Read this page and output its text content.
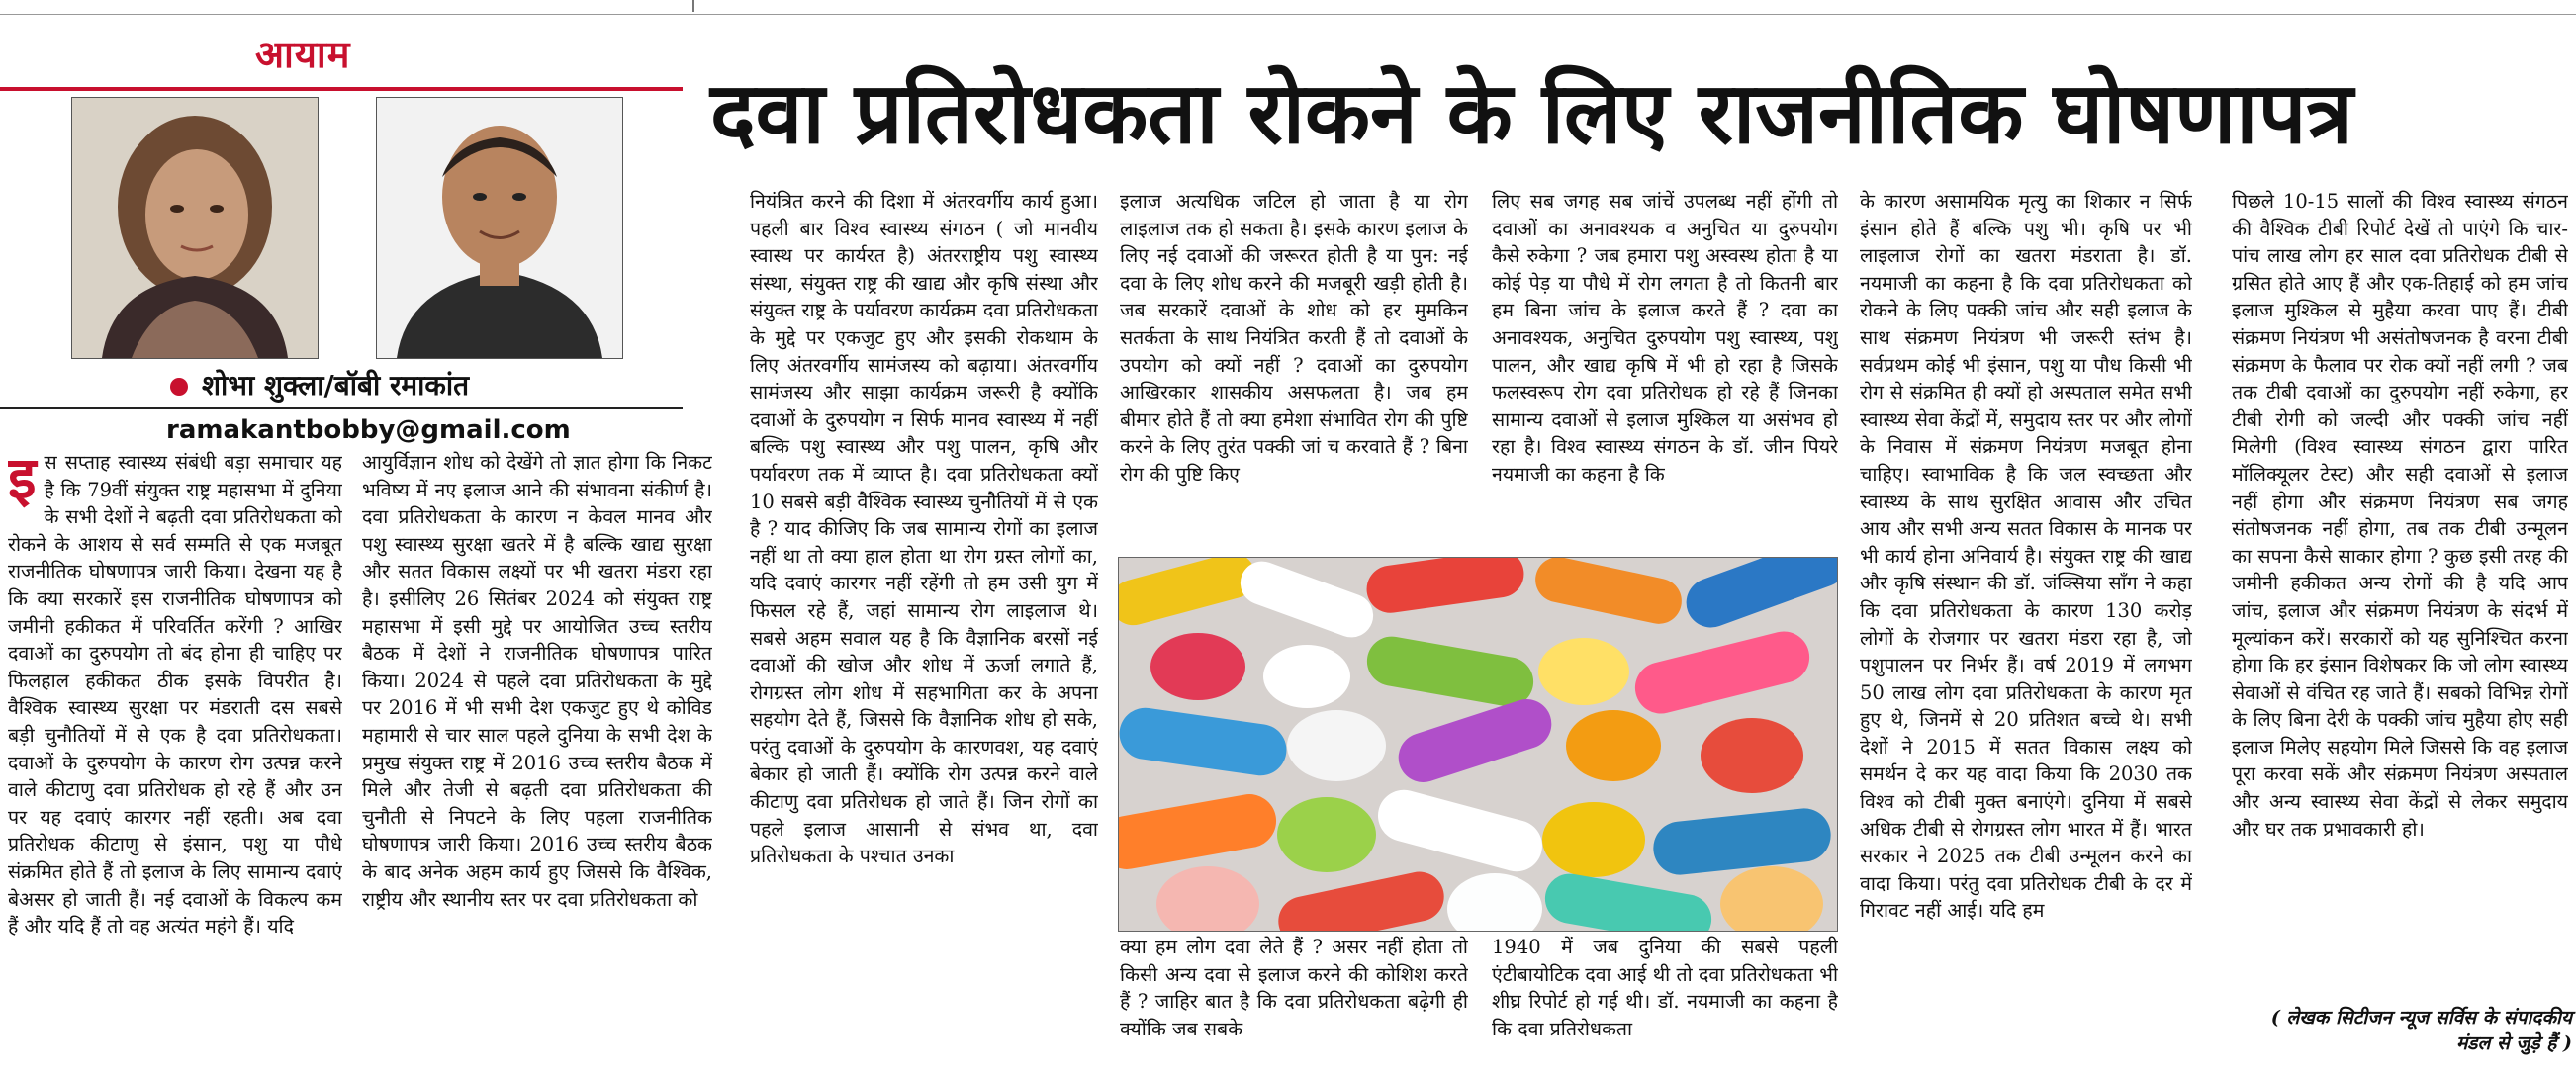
आयाम
शोभा शुक्ला/बॉबी रमाकांत
ramakantbobby@gmail.com
दवा प्रतिरोधकता रोकने के लिए राजनीतिक घोषणापत्र
इस सप्ताह स्वास्थ्य संबंधी बड़ा समाचार यह है कि 79वीं संयुक्त राष्ट्र महासभा में दुनिया के सभी देशों ने बढ़ती दवा प्रतिरोधकता को रोकने के आशय से सर्व सम्मति से एक मजबूत राजनीतिक घोषणापत्र जारी किया। देखना यह है कि क्या सरकारें इस राजनीतिक घोषणापत्र को जमीनी हकीकत में परिवर्तित करेंगी ? आखिर दवाओं का दुरुपयोग तो बंद होना ही चाहिए पर फिलहाल हकीकत ठीक इसके विपरीत है। वैश्विक स्वास्थ्य सुरक्षा पर मंडराती दस सबसे बड़ी चुनौतियों में से एक है दवा प्रतिरोधकता। दवाओं के दुरुपयोग के कारण रोग उत्पन्न करने वाले कीटाणु दवा प्रतिरोधक हो रहे हैं और उन पर यह दवाएं कारगर नहीं रहती। अब दवा प्रतिरोधक कीटाणु से इंसान, पशु या पौधे संक्रमित होते हैं तो इलाज के लिए सामान्य दवाएं बेअसर हो जाती हैं। नई दवाओं के विकल्प कम हैं और यदि हैं तो वह अत्यंत महंगे हैं। यदि
आयुर्विज्ञान शोध को देखेंगे तो ज्ञात होगा कि निकट भविष्य में नए इलाज आने की संभावना संकीर्ण है। दवा प्रतिरोधकता के कारण न केवल मानव और पशु स्वास्थ्य सुरक्षा खतरे में है बल्कि खाद्य सुरक्षा और सतत विकास लक्ष्यों पर भी खतरा मंडरा रहा है। इसीलिए 26 सितंबर 2024 को संयुक्त राष्ट्र महासभा में इसी मुद्दे पर आयोजित उच्च स्तरीय बैठक में देशों ने राजनीतिक घोषणापत्र पारित किया। 2024 से पहले दवा प्रतिरोधकता के मुद्दे पर 2016 में भी सभी देश एकजुट हुए थे कोविड महामारी से चार साल पहले दुनिया के सभी देश के प्रमुख संयुक्त राष्ट्र में 2016 उच्च स्तरीय बैठक में मिले और तेजी से बढ़ती दवा प्रतिरोधकता की चुनौती से निपटने के लिए पहला राजनीतिक घोषणापत्र जारी किया। 2016 उच्च स्तरीय बैठक के बाद अनेक अहम कार्य हुए जिससे कि वैश्विक, राष्ट्रीय और स्थानीय स्तर पर दवा प्रतिरोधकता को
नियंत्रित करने की दिशा में अंतरवर्गीय कार्य हुआ। पहली बार विश्व स्वास्थ्य संगठन ( जो मानवीय स्वास्थ पर कार्यरत है) अंतरराष्ट्रीय पशु स्वास्थ्य संस्था, संयुक्त राष्ट्र की खाद्य और कृषि संस्था और संयुक्त राष्ट्र के पर्यावरण कार्यक्रम दवा प्रतिरोधकता के मुद्दे पर एकजुट हुए और इसकी रोकथाम के लिए अंतरवर्गीय सामंजस्य को बढ़ाया। अंतरवर्गीय सामंजस्य और साझा कार्यक्रम जरूरी है क्योंकि दवाओं के दुरुपयोग न सिर्फ मानव स्वास्थ्य में नहीं बल्कि पशु स्वास्थ्य और पशु पालन, कृषि और पर्यावरण तक में व्याप्त है। दवा प्रतिरोधकता क्यों 10 सबसे बड़ी वैश्विक स्वास्थ्य चुनौतियों में से एक है ? याद कीजिए कि जब सामान्य रोगों का इलाज नहीं था तो क्या हाल होता था रोग ग्रस्त लोगों का, यदि दवाएं कारगर नहीं रहेंगी तो हम उसी युग में फिसल रहे हैं, जहां सामान्य रोग लाइलाज थे। सबसे अहम सवाल यह है कि वैज्ञानिक बरसों नई दवाओं की खोज और शोध में ऊर्जा लगाते हैं, रोगग्रस्त लोग शोध में सहभागिता कर के अपना सहयोग देते हैं, जिससे कि वैज्ञानिक शोध हो सके, परंतु दवाओं के दुरुपयोग के कारणवश, यह दवाएं बेकार हो जाती हैं। क्योंकि रोग उत्पन्न करने वाले कीटाणु दवा प्रतिरोधक हो जाते हैं। जिन रोगों का पहले इलाज आसानी से संभव था, दवा प्रतिरोधकता के पश्चात उनका
इलाज अत्यधिक जटिल हो जाता है या रोग लाइलाज तक हो सकता है। इसके कारण इलाज के लिए नई दवाओं की जरूरत होती है या पुन: नई दवा के लिए शोध करने की मजबूरी खड़ी होती है। जब सरकारें दवाओं के शोध को हर मुमकिन सतर्कता के साथ नियंत्रित करती हैं तो दवाओं के उपयोग को क्यों नहीं ? दवाओं का दुरुपयोग आखिरकार शासकीय असफलता है। जब हम बीमार होते हैं तो क्या हमेशा संभावित रोग की पुष्टि करने के लिए तुरंत पक्की जां च करवाते हैं ? बिना रोग की पुष्टि किए
लिए सब जगह सब जांचें उपलब्ध नहीं होंगी तो दवाओं का अनावश्यक व अनुचित या दुरुपयोग कैसे रुकेगा ? जब हमारा पशु अस्वस्थ होता है या कोई पेड़ या पौधे में रोग लगता है तो कितनी बार हम बिना जांच के इलाज करते हैं ? दवा का अनावश्यक, अनुचित दुरुपयोग पशु स्वास्थ्य, पशु पालन, और खाद्य कृषि में भी हो रहा है जिसके फलस्वरूप रोग दवा प्रतिरोधक हो रहे हैं जिनका सामान्य दवाओं से इलाज मुश्किल या असंभव हो रहा है। विश्व स्वास्थ्य संगठन के डॉ. जीन पियरे नयमाजी का कहना है कि
क्या हम लोग दवा लेते हैं ? असर नहीं होता तो किसी अन्य दवा से इलाज करने की कोशिश करते हैं ? जाहिर बात है कि दवा प्रतिरोधकता बढ़ेगी ही क्योंकि जब सबके
1940 में जब दुनिया की सबसे पहली एंटीबायोटिक दवा आई थी तो दवा प्रतिरोधकता भी शीघ्र रिपोर्ट हो गई थी। डॉ. नयमाजी का कहना है कि दवा प्रतिरोधकता
के कारण असामयिक मृत्यु का शिकार न सिर्फ इंसान होते हैं बल्कि पशु भी। कृषि पर भी लाइलाज रोगों का खतरा मंडराता है। डॉ. नयमाजी का कहना है कि दवा प्रतिरोधकता को रोकने के लिए पक्की जांच और सही इलाज के साथ संक्रमण नियंत्रण भी जरूरी स्तंभ है। सर्वप्रथम कोई भी इंसान, पशु या पौध किसी भी रोग से संक्रमित ही क्यों हो अस्पताल समेत सभी स्वास्थ्य सेवा केंद्रों में, समुदाय स्तर पर और लोगों के निवास में संक्रमण नियंत्रण मजबूत होना चाहिए। स्वाभाविक है कि जल स्वच्छता और स्वास्थ्य के साथ सुरक्षित आवास और उचित आय और सभी अन्य सतत विकास के मानक पर भी कार्य होना अनिवार्य है। संयुक्त राष्ट्र की खाद्य और कृषि संस्थान की डॉ. जंक्सिया सॉंग ने कहा कि दवा प्रतिरोधकता के कारण 130 करोड़ लोगों के रोजगार पर खतरा मंडरा रहा है, जो पशुपालन पर निर्भर हैं। वर्ष 2019 में लगभग 50 लाख लोग दवा प्रतिरोधकता के कारण मृत हुए थे, जिनमें से 20 प्रतिशत बच्चे थे। सभी देशों ने 2015 में सतत विकास लक्ष्य को समर्थन दे कर यह वादा किया कि 2030 तक विश्व को टीबी मुक्त बनाएंगे। दुनिया में सबसे अधिक टीबी से रोगग्रस्त लोग भारत में हैं। भारत सरकार ने 2025 तक टीबी उन्मूलन करने का वादा किया। परंतु दवा प्रतिरोधक टीबी के दर में गिरावट नहीं आई। यदि हम
पिछले 10-15 सालों की विश्व स्वास्थ्य संगठन की वैश्विक टीबी रिपोर्ट देखें तो पाएंगे कि चार-पांच लाख लोग हर साल दवा प्रतिरोधक टीबी से ग्रसित होते आए हैं और एक-तिहाई को हम जांच इलाज मुश्किल से मुहैया करवा पाए हैं। टीबी संक्रमण नियंत्रण भी असंतोषजनक है वरना टीबी संक्रमण के फैलाव पर रोक क्यों नहीं लगी ? जब तक टीबी दवाओं का दुरुपयोग नहीं रुकेगा, हर टीबी रोगी को जल्दी और पक्की जांच नहीं मिलेगी (विश्व स्वास्थ्य संगठन द्वारा पारित मॉलिक्यूलर टेस्ट) और सही दवाओं से इलाज नहीं होगा और संक्रमण नियंत्रण सब जगह संतोषजनक नहीं होगा, तब तक टीबी उन्मूलन का सपना कैसे साकार होगा ? कुछ इसी तरह की जमीनी हकीकत अन्य रोगों की है यदि आप जांच, इलाज और संक्रमण नियंत्रण के संदर्भ में मूल्यांकन करें। सरकारों को यह सुनिश्चित करना होगा कि हर इंसान विशेषकर कि जो लोग स्वास्थ्य सेवाओं से वंचित रह जाते हैं। सबको विभिन्न रोगों के लिए बिना देरी के पक्की जांच मुहैया होए सही इलाज मिलेए सहयोग मिले जिससे कि वह इलाज पूरा करवा सकें और संक्रमण नियंत्रण अस्पताल और अन्य स्वास्थ्य सेवा केंद्रों से लेकर समुदाय और घर तक प्रभावकारी हो।
( लेखक सिटीजन न्यूज सर्विस के संपादकीय मंडल से जुड़े हैं )
